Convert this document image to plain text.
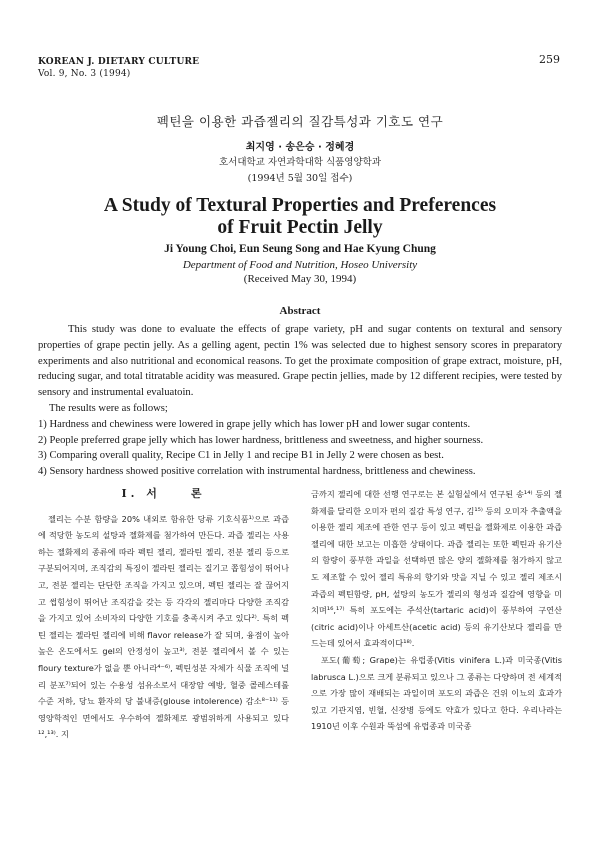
KOREAN J. DIETARY CULTURE
Vol. 9, No. 3 (1994)
259
펙틴을 이용한 과즙젤리의 질감특성과 기호도 연구
최지영 · 송은승 · 정혜경
호서대학교 자연과학대학 식품영양학과
(1994년 5월 30일 접수)
A Study of Textural Properties and Preferences
of Fruit Pectin Jelly
Ji Young Choi, Eun Seung Song and Hae Kyung Chung
Department of Food and Nutrition, Hoseo University
(Received May 30, 1994)
Abstract

This study was done to evaluate the effects of grape variety, pH and sugar contents on textural and sensory properties of grape pectin jelly. As a gelling agent, pectin 1% was selected due to highest sensory scores in preparatory experiments and also nutritional and economical reasons. To get the proximate composition of grape extract, moisture, pH, reducing sugar, and total titratable acidity was measured. Grape pectin jellies, made by 12 different recipies, were tested by sensory and instrumental evaluatoin.

The results were as follows;
1) Hardness and chewiness were lowered in grape jelly which has lower pH and lower sugar contents.
2) People preferred grape jelly which has lower hardness, brittleness and sweetness, and higher sourness.
3) Comparing overall quality, Recipe C1 in Jelly 1 and recipe B1 in Jelly 2 were chosen as best.
4) Sensory hardness showed positive correlation with instrumental hardness, brittleness and chewiness.
I. 서　　론

젤리는 수분 함량을 20% 내외로 함유한 당류 기호식품¹⁾으로 과즙에 적당한 농도의 설탕과 젤화제를 첨가하여 만든다. 과즙 젤리는 사용하는 젤화제의 종류에 따라 펙틴 젤리, 젤라틴 젤리, 전분 젤리 등으로 구분되어지며, 조직감의 특징이 젤라틴 젤리는 질기고 쫍힘성이 뛰어나고, 전분 젤리는 단단한 조직을 가지고 있으며, 펙틴 젤리는 잘 끊어지고 썹힘성이 뛰어난 조직감을 갖는 등 각각의 젤리마다 다양한 조직감을 가지고 있어 소비자의 다양한 기호를 충족시켜 주고 있다²⁾. 특히 펙틴 젤리는 젤라틴 젤리에 비해 flavor release가 잘 되며, 융점이 높아 높은 온도에서도 gel의 안정성이 높고³⁾, 전분 젤리에서 볼 수 있는 floury texture가 없을 뿐 아니라⁴⁻⁶⁾, 펙틴성분 자체가 식물 조직에 널리 분포⁷⁾되어 있는 수용성 섬유소로서 대장암 예방, 혈중 콜레스테롤 수준 저하, 당뇨 환자의 당 불내증(glouse intolerence) 감소⁸⁻¹¹⁾ 등 영양학적인 면에서도 우수하여 젤화제로 광범위하게 사용되고 있다¹²,¹³⁾. 지

금까지 젤리에 대한 선행 연구로는 본 실험실에서 연구된 송¹⁴⁾ 등의 젤화제를 달리한 오미자 편의 질감 특성 연구, 김¹⁵⁾ 등의 오미자 추출액을 이용한 젤리 제조에 관한 연구 등이 있고 펙틴을 젤화제로 이용한 과즙 젤리에 대한 보고는 미흡한 상태이다. 과즙 젤리는 또한 펙틴과 유기산의 함량이 풍부한 과일을 선택하면 많은 양의 젤화제를 첨가하지 않고도 제조할 수 있어 젤리 특유의 향기와 맛을 지닐 수 있고 젤리 제조시 과즙의 펙틴함량, pH, 설탕의 농도가 젤리의 형성과 질감에 영향을 미치며¹⁶,¹⁷⁾ 특히 포도에는 주석산(tartaric acid)이 풍부하여 구연산(citric acid)이나 아세트산(acetic acid) 등의 유기산보다 젤리를 만드는데 있어서 효과적이다¹⁸⁾.

포도(葡萄; Grape)는 유럽종(Vitis vinifera L.)과 미국종(Vitis labrusca L.)으로 크게 분류되고 있으나 그 종류는 다양하며 전 세계적으로 가장 많이 재배되는 과일이며 포도의 과즙은 건위 이뇨의 효과가 있고 기관지염, 빈혈, 신장병 등에도 약효가 있다고 한다. 우리나라는 1910년 이후 수원과 뚝섬에 유럽종과 미국종
